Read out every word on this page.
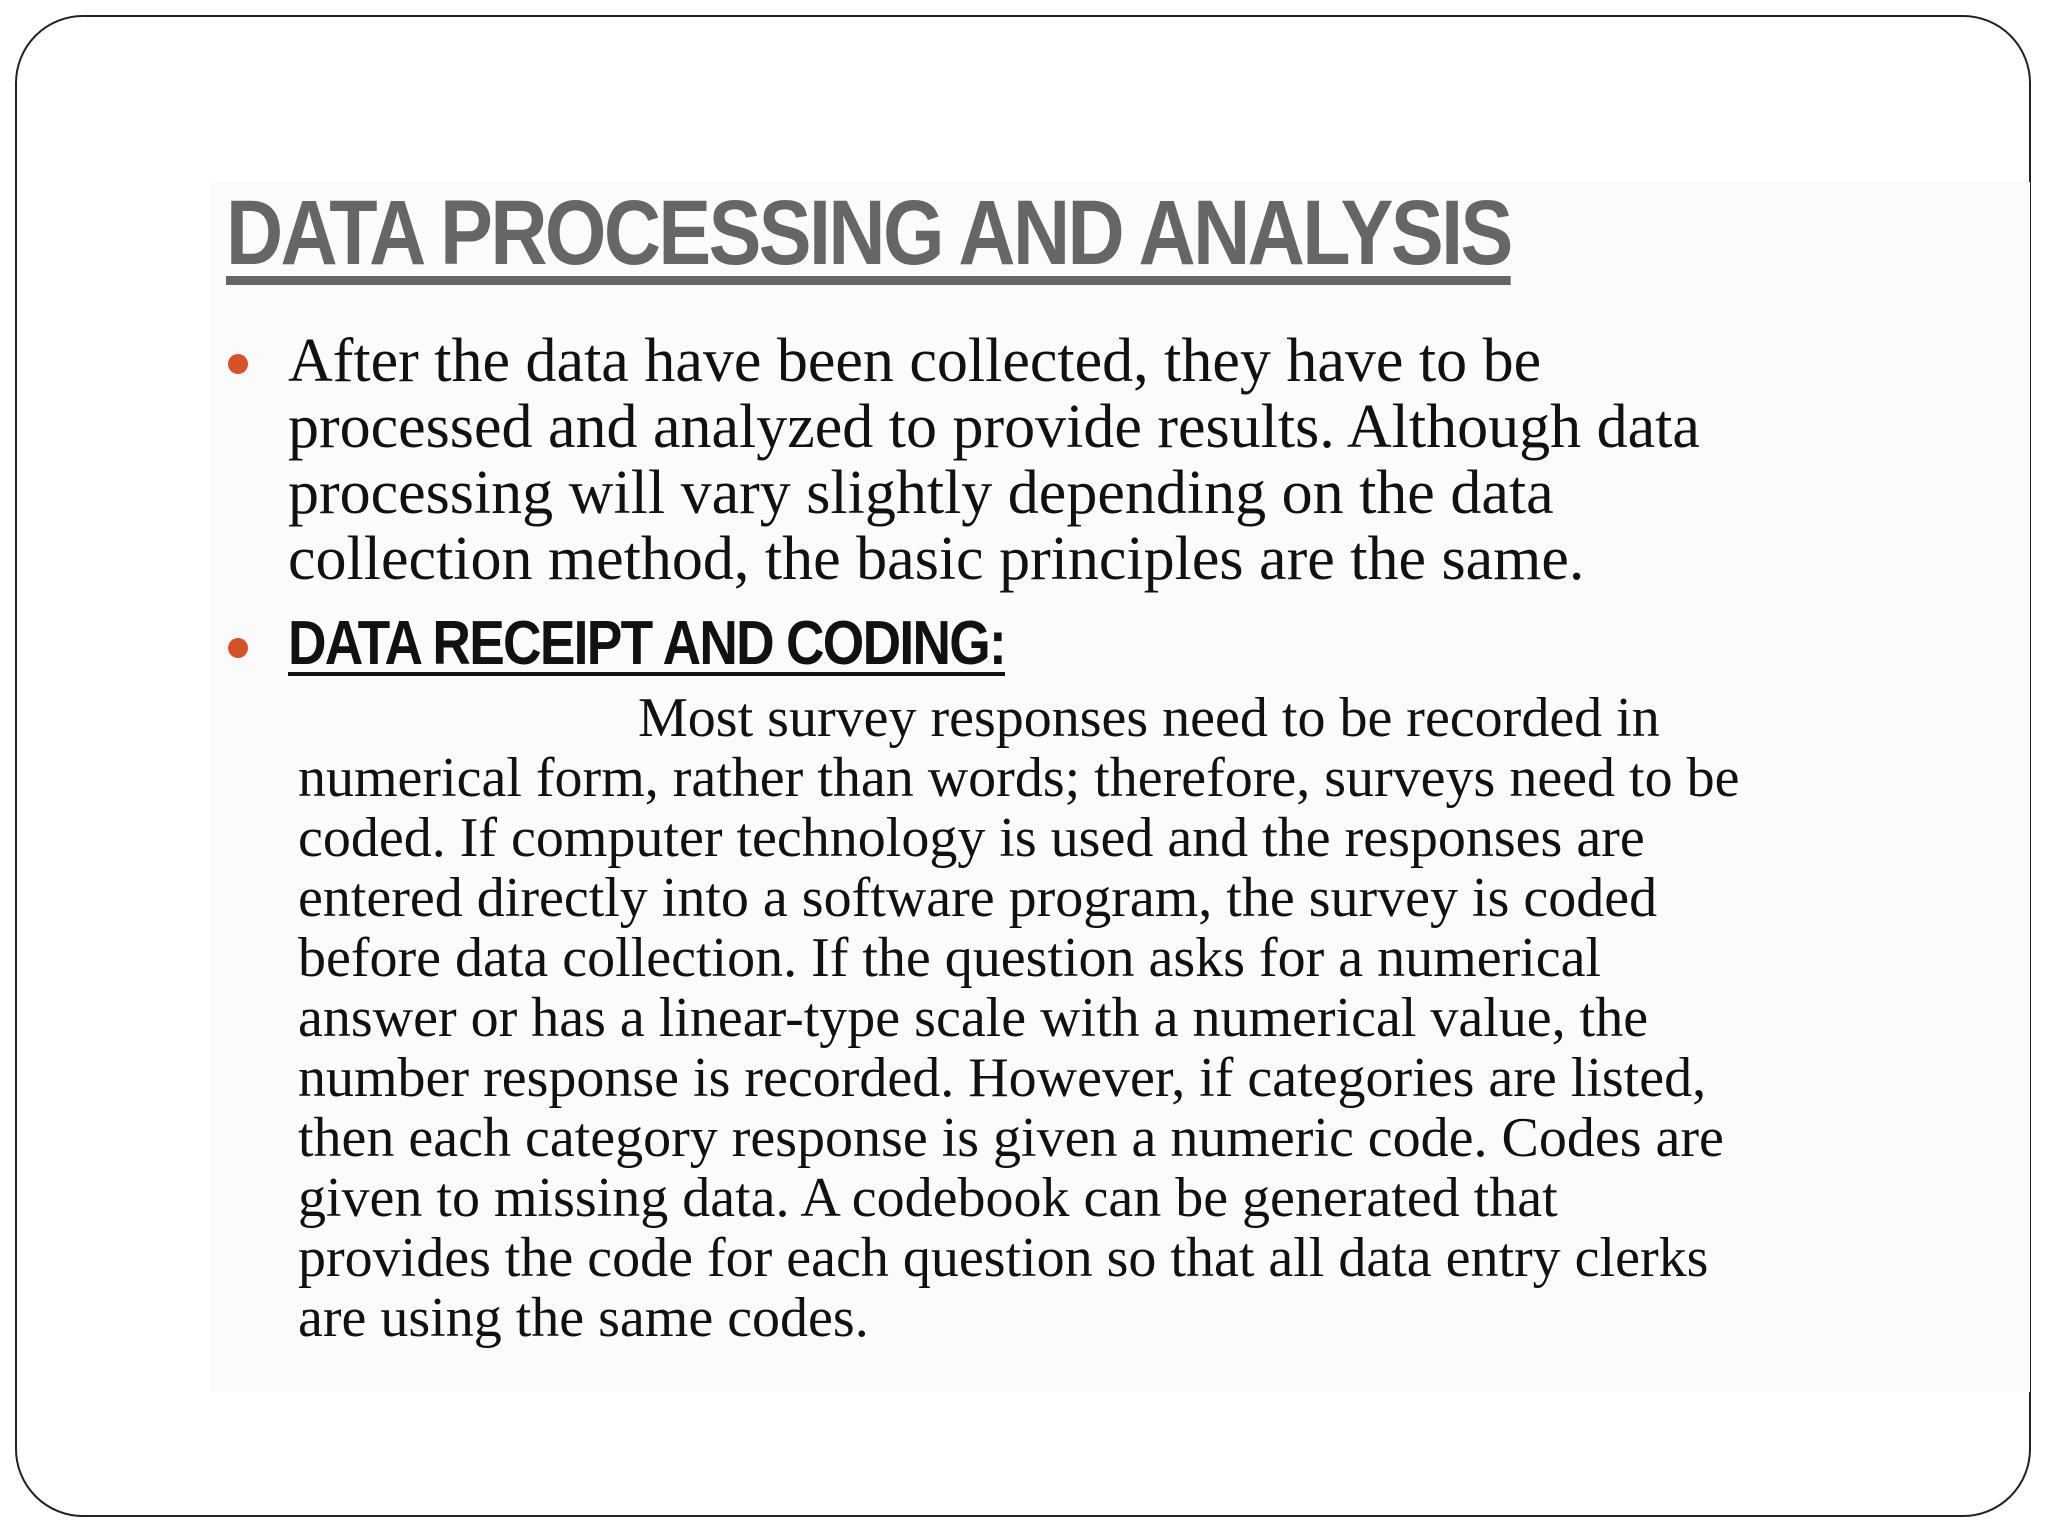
DATA PROCESSING AND ANALYSIS

After the data have been collected, they have to be
processed and analyzed to provide results. Although data
processing will vary slightly depending on the data
collection method, the basic principles are the same.

DATA RECEIPT AND CODING:

Most survey responses need to be recorded in
numerical form, rather than words; therefore, surveys need to be
coded. If computer technology is used and the responses are
entered directly into a software program, the survey is coded
before data collection. If the question asks for a numerical
answer or has a linear-type scale with a numerical value, the
number response is recorded. However, if categories are listed,
then each category response is given a numeric code. Codes are
given to missing data. A codebook can be generated that
provides the code for each question so that all data entry clerks
are using the same codes.
